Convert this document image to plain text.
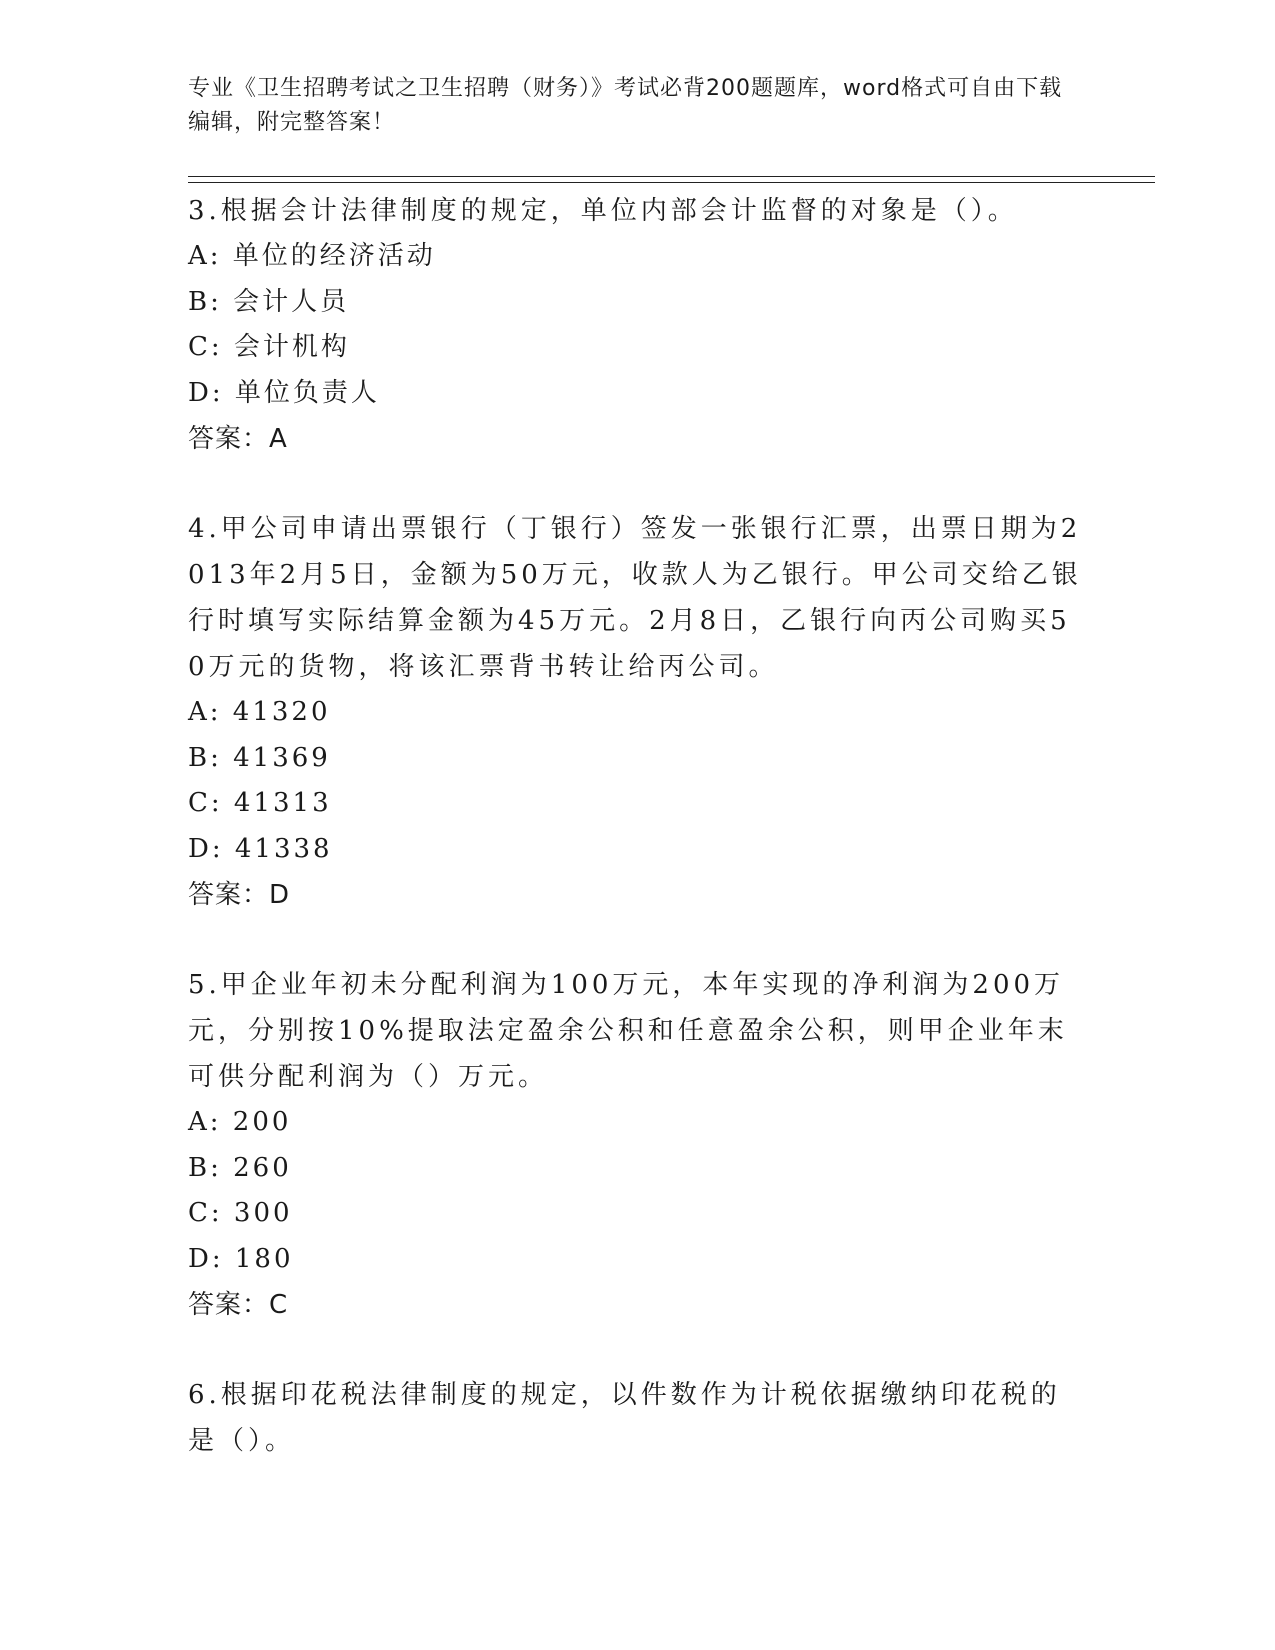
专业《卫生招聘考试之卫生招聘（财务）》考试必背200题题库，word格式可自由下载编辑，附完整答案！
3.根据会计法律制度的规定，单位内部会计监督的对象是（）。
A: 单位的经济活动
B: 会计人员
C: 会计机构
D: 单位负责人
答案：A
4.甲公司申请出票银行（丁银行）签发一张银行汇票，出票日期为2013年2月5日，金额为50万元，收款人为乙银行。甲公司交给乙银行时填写实际结算金额为45万元。2月8日，乙银行向丙公司购买50万元的货物，将该汇票背书转让给丙公司。
A: 41320
B: 41369
C: 41313
D: 41338
答案：D
5.甲企业年初未分配利润为100万元，本年实现的净利润为200万元，分别按10%提取法定盈余公积和任意盈余公积，则甲企业年末可供分配利润为（）万元。
A: 200
B: 260
C: 300
D: 180
答案：C
6.根据印花税法律制度的规定，以件数作为计税依据缴纳印花税的是（）。
